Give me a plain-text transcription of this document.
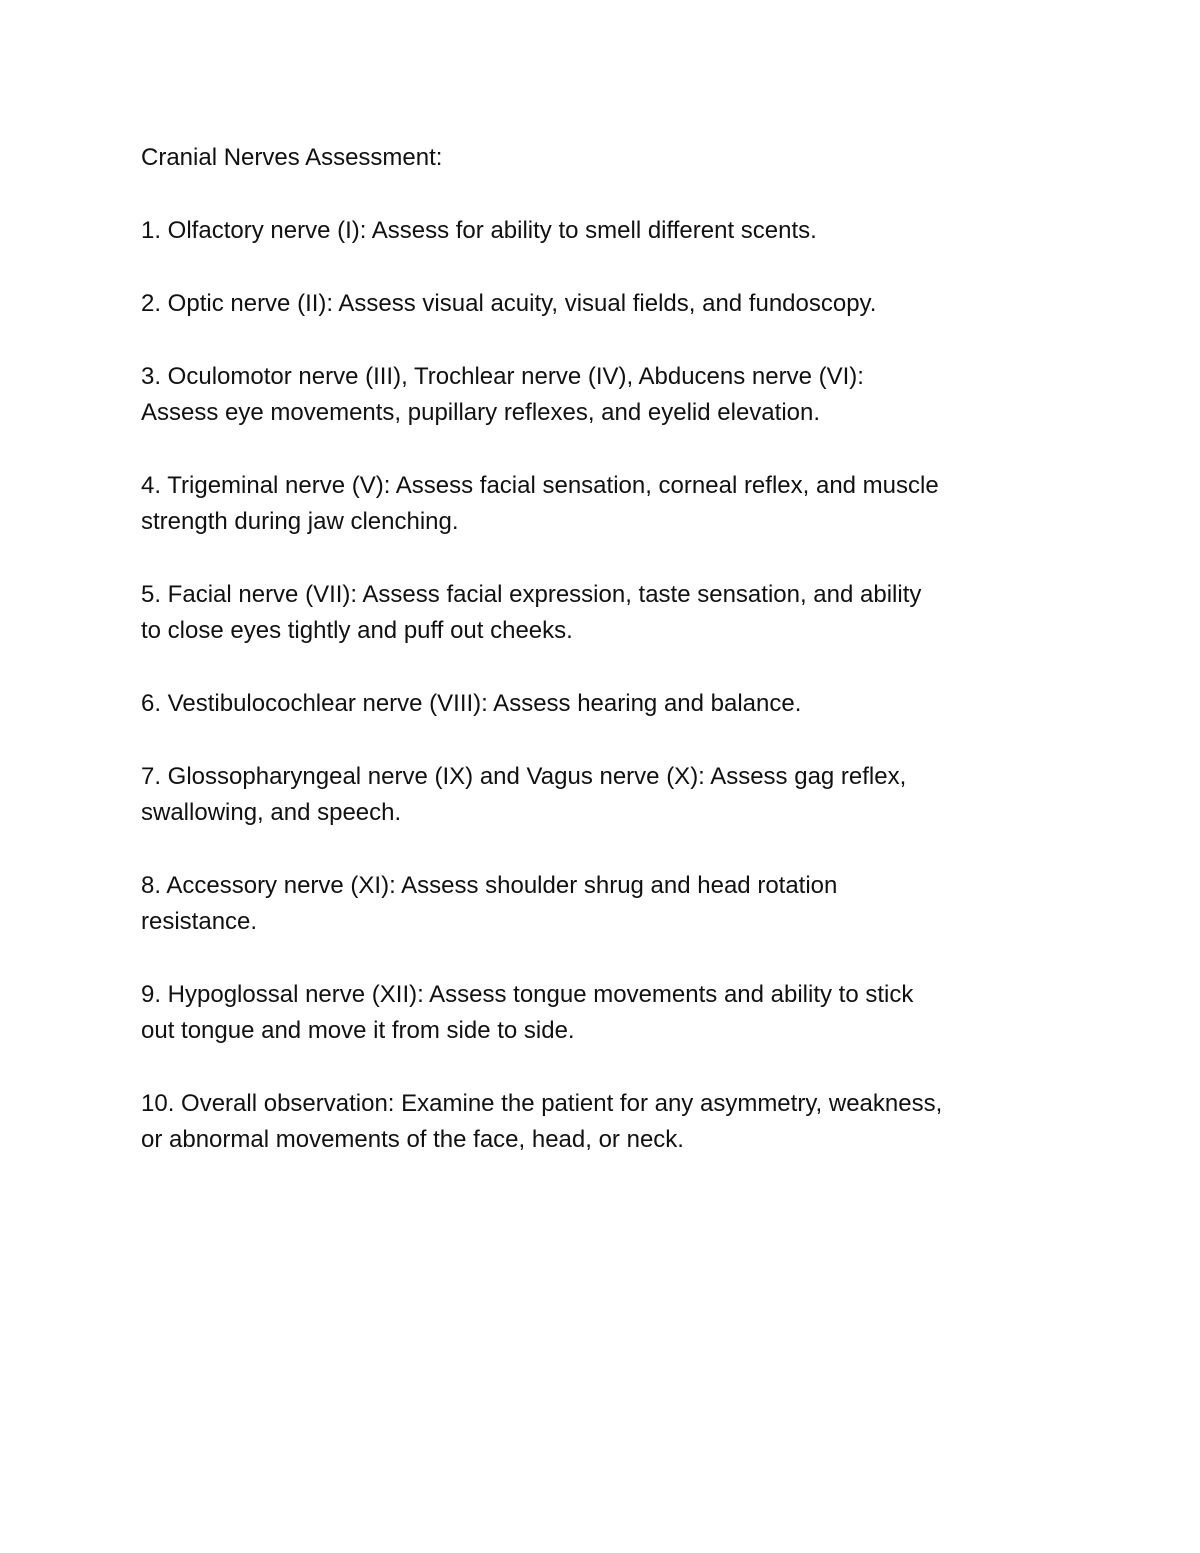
Cranial Nerves Assessment:
1. Olfactory nerve (I): Assess for ability to smell different scents.
2. Optic nerve (II): Assess visual acuity, visual fields, and fundoscopy.
3. Oculomotor nerve (III), Trochlear nerve (IV), Abducens nerve (VI):
Assess eye movements, pupillary reflexes, and eyelid elevation.
4. Trigeminal nerve (V): Assess facial sensation, corneal reflex, and muscle
strength during jaw clenching.
5. Facial nerve (VII): Assess facial expression, taste sensation, and ability
to close eyes tightly and puff out cheeks.
6. Vestibulocochlear nerve (VIII): Assess hearing and balance.
7. Glossopharyngeal nerve (IX) and Vagus nerve (X): Assess gag reflex,
swallowing, and speech.
8. Accessory nerve (XI): Assess shoulder shrug and head rotation
resistance.
9. Hypoglossal nerve (XII): Assess tongue movements and ability to stick
out tongue and move it from side to side.
10. Overall observation: Examine the patient for any asymmetry, weakness,
or abnormal movements of the face, head, or neck.
